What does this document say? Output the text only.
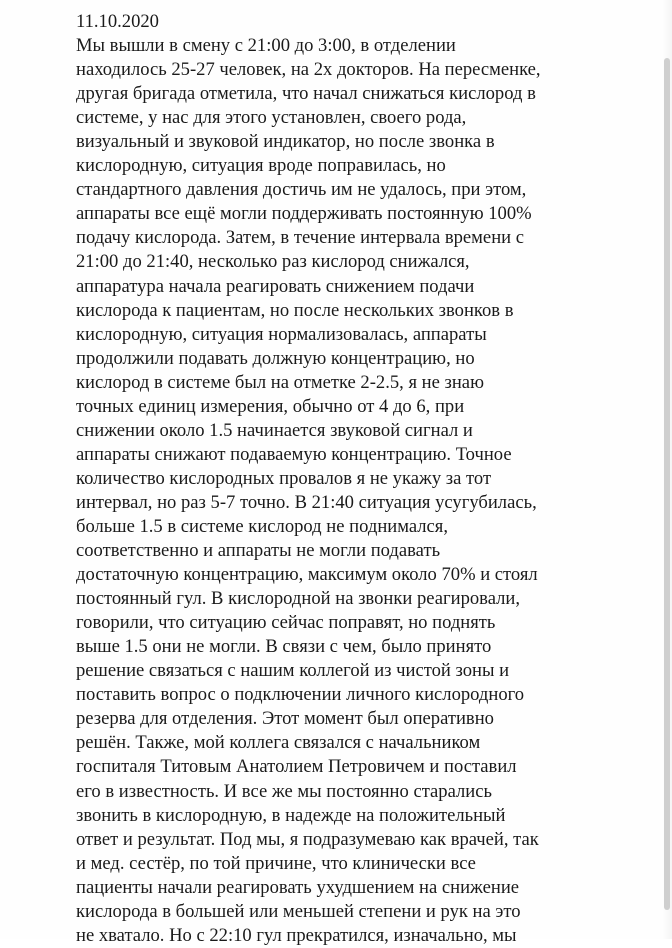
11.10.2020
Мы вышли в смену с 21:00 до 3:00, в отделении
находилось 25-27 человек, на 2х докторов. На пересменке,
другая бригада отметила, что начал снижаться кислород в
системе, у нас для этого установлен, своего рода,
визуальный и звуковой индикатор, но после звонка в
кислородную, ситуация вроде поправилась, но
стандартного давления достичь им не удалось, при этом,
аппараты все ещё могли поддерживать постоянную 100%
подачу кислорода. Затем, в течение интервала времени с
21:00 до 21:40, несколько раз кислород снижался,
аппаратура начала реагировать снижением подачи
кислорода к пациентам, но после нескольких звонков в
кислородную, ситуация нормализовалась, аппараты
продолжили подавать должную концентрацию, но
кислород в системе был на отметке 2-2.5, я не знаю
точных единиц измерения, обычно от 4 до 6, при
снижении около 1.5 начинается звуковой сигнал и
аппараты снижают подаваемую концентрацию. Точное
количество кислородных провалов я не укажу за тот
интервал, но раз 5-7 точно. В 21:40 ситуация усугубилась,
больше 1.5 в системе кислород не поднимался,
соответственно и аппараты не могли подавать
достаточную концентрацию, максимум около 70% и стоял
постоянный гул. В кислородной на звонки реагировали,
говорили, что ситуацию сейчас поправят, но поднять
выше 1.5 они не могли. В связи с чем, было принято
решение связаться с нашим коллегой из чистой зоны и
поставить вопрос о подключении личного кислородного
резерва для отделения. Этот момент был оперативно
решён. Также, мой коллега связался с начальником
госпиталя Титовым Анатолием Петровичем и поставил
его в известность. И все же мы постоянно старались
звонить в кислородную, в надежде на положительный
ответ и результат. Под мы, я подразумеваю как врачей, так
и мед. сестёр, по той причине, что клинически все
пациенты начали реагировать ухудшением на снижение
кислорода в большей или меньшей степени и рук на это
не хватало. Но с 22:10 гул прекратился, изначально, мы
